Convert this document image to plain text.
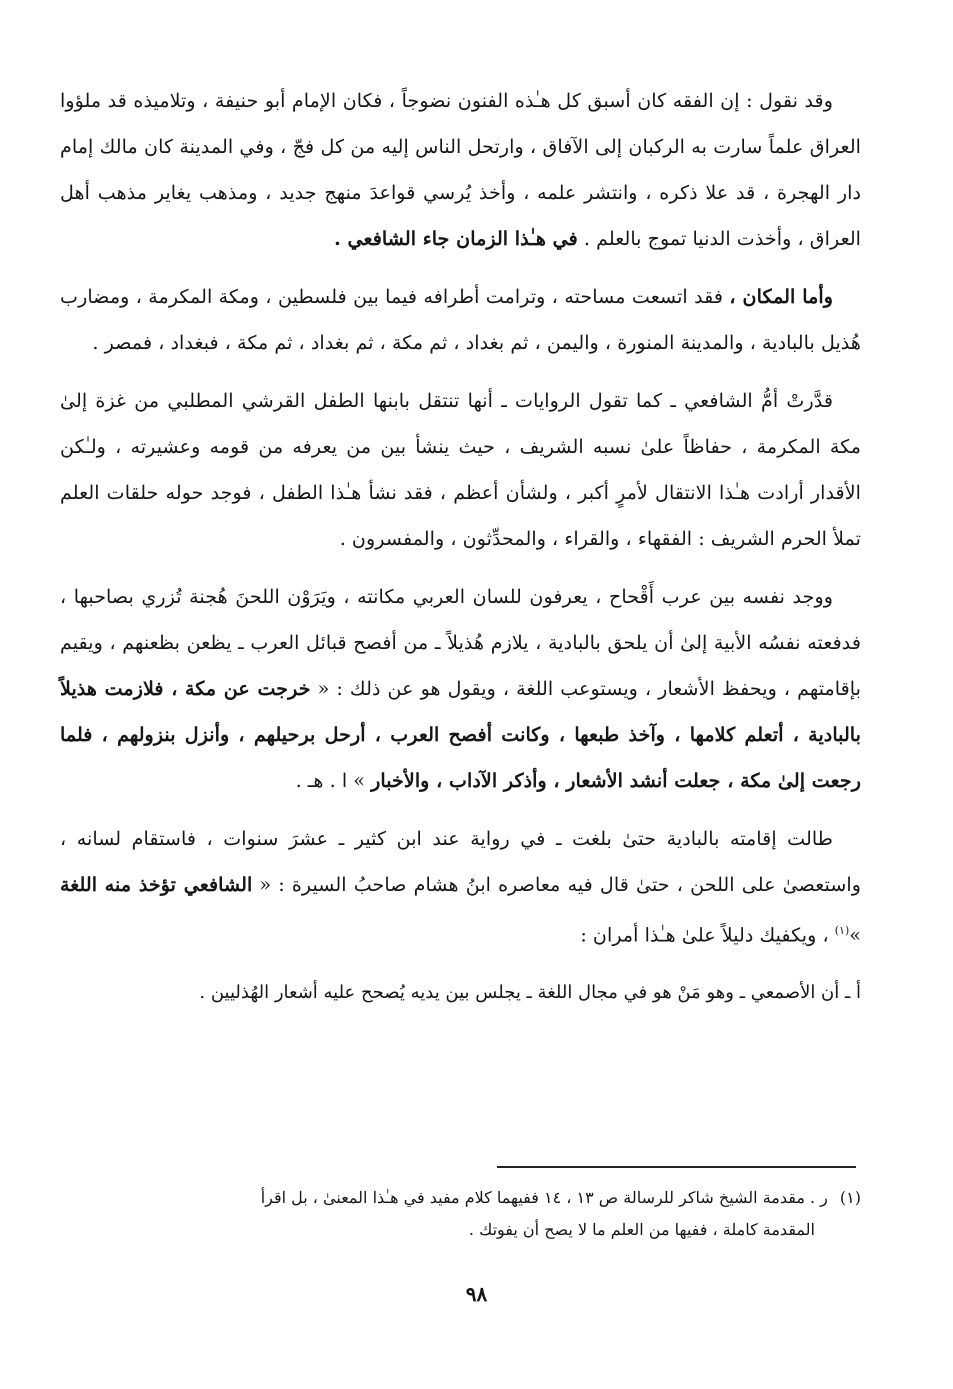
وقد نقول : إن الفقه كان أسبق كل هـٰذه الفنون نضوجاً ، فكان الإمام أبو حنيفة ، وتلاميذه قد ملؤوا العراق علماً سارت به الركبان إلى الآفاق ، وارتحل الناس إليه من كل فجّ ، وفي المدينة كان مالك إمام دار الهجرة ، قد علا ذكره ، وانتشر علمه ، وأخذ يُرسي قواعدَ منهج جديد ، ومذهب يغاير مذهب أهل العراق ، وأخذت الدنيا تموج بالعلم . في هـٰذا الزمان جاء الشافعي .

وأما المكان ، فقد اتسعت مساحته ، وترامت أطرافه فيما بين فلسطين ، ومكة المكرمة ، ومضارب هُذيل بالبادية ، والمدينة المنورة ، واليمن ، ثم بغداد ، ثم مكة ، ثم بغداد ، ثم مكة ، فبغداد ، فمصر .

قدَّرتْ أمُّ الشافعي ـ كما تقول الروايات ـ أنها تنتقل بابنها الطفل القرشي المطلبي من غزة إلىٰ مكة المكرمة ، حفاظاً علىٰ نسبه الشريف ، حيث ينشأ بين من يعرفه من قومه وعشيرته ، ولـٰكن الأقدار أرادت هـٰذا الانتقال لأمرٍ أكبر ، ولشأن أعظم ، فقد نشأ هـٰذا الطفل ، فوجد حوله حلقات العلم تملأ الحرم الشريف : الفقهاء ، والقراء ، والمحدِّثون ، والمفسرون .

ووجد نفسه بين عرب أَقْحاح ، يعرفون للسان العربي مكانته ، ويَرَوْن اللحنَ هُجنة تُزري بصاحبها ، فدفعته نفسُه الأبية إلىٰ أن يلحق بالبادية ، يلازم هُذيلاً ـ من أفصح قبائل العرب ـ يظعن بظعنهم ، ويقيم بإقامتهم ، ويحفظ الأشعار ، ويستوعب اللغة ، ويقول هو عن ذلك : « خرجت عن مكة ، فلازمت هذيلاً بالبادية ، أتعلم كلامها ، وآخذ طبعها ، وكانت أفصح العرب ، أرحل برحيلهم ، وأنزل بنزولهم ، فلما رجعت إلىٰ مكة ، جعلت أنشد الأشعار ، وأذكر الآداب ، والأخبار » ا . هـ .

طالت إقامته بالبادية حتىٰ بلغت ـ في رواية عند ابن كثير ـ عشرَ سنوات ، فاستقام لسانه ، واستعصىٰ على اللحن ، حتىٰ قال فيه معاصره ابنُ هشام صاحبُ السيرة : « الشافعي تؤخذ منه اللغة »$^{(١)}$ ، ويكفيك دليلاً علىٰ هـٰذا أمران :

أ ـ أن الأصمعي ـ وهو مَنْ هو في مجال اللغة ـ يجلس بين يديه يُصحح عليه أشعار الهُذليين .

(١)ر . مقدمة الشيخ شاكر للرسالة ص ١٣ ، ١٤ ففيهما كلام مفيد في هـٰذا المعنىٰ ، بل اقرأ
المقدمة كاملة ، ففيها من العلم ما لا يصح أن يفوتك .
٩٨
